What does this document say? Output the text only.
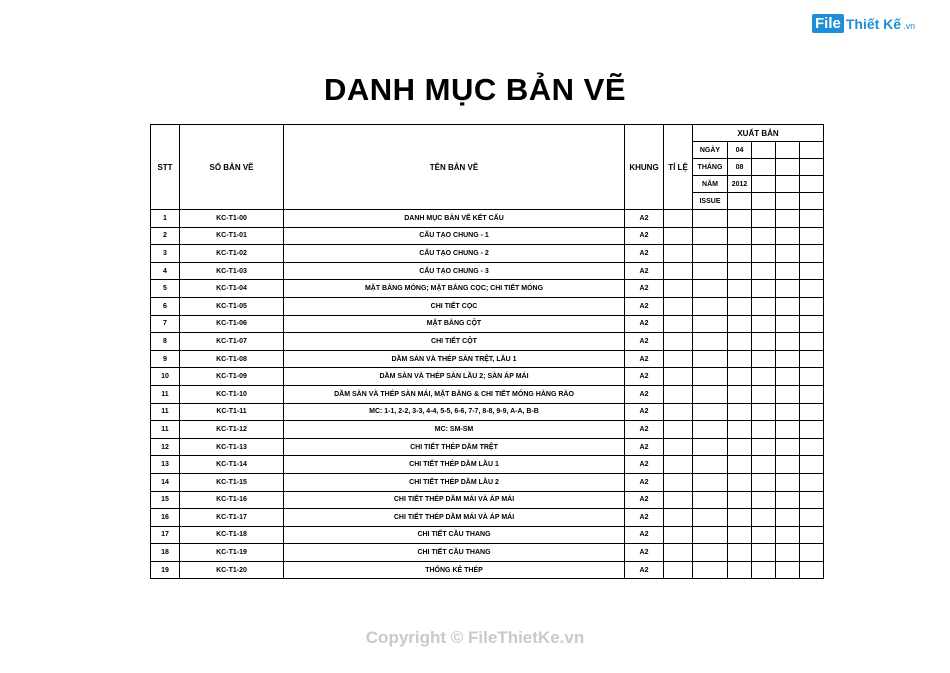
File Thiết Kế .vn
DANH MỤC BẢN VẼ
STT	SỐ BẢN VẼ	TÊN BẢN VẼ	KHUNG	TỈ LỆ	XUẤT BẢN				
					NGÀY	04			
					THÁNG	08			
					NĂM	2012			
					ISSUE				
1	KC-T1-00	DANH MỤC BẢN VẼ KẾT CẤU	A2						
2	KC-T1-01	CẤU TẠO CHUNG - 1	A2						
3	KC-T1-02	CẤU TẠO CHUNG - 2	A2						
4	KC-T1-03	CẤU TẠO CHUNG - 3	A2						
5	KC-T1-04	MẶT BẰNG MÓNG; MẶT BẰNG CỌC; CHI TIẾT MÓNG	A2						
6	KC-T1-05	CHI TIẾT CỌC	A2						
7	KC-T1-06	MẶT BẰNG CỘT	A2						
8	KC-T1-07	CHI TIẾT CỘT	A2						
9	KC-T1-08	DẦM SÀN VÀ THÉP SÀN TRỆT, LẦU 1	A2						
10	KC-T1-09	DẦM SÀN VÀ THÉP SÀN LẦU 2; SÀN ÁP MÁI	A2						
11	KC-T1-10	DẦM SÀN VÀ THÉP SÀN MÁI, MẶT BẰNG & CHI TIẾT MÓNG HÀNG RÀO	A2						
11	KC-T1-11	MC: 1-1, 2-2, 3-3, 4-4, 5-5, 6-6, 7-7, 8-8, 9-9, A-A, B-B	A2						
11	KC-T1-12	MC: SM-SM	A2						
12	KC-T1-13	CHI TIẾT THÉP DẦM TRỆT	A2						
13	KC-T1-14	CHI TIẾT THÉP DẦM LẦU 1	A2						
14	KC-T1-15	CHI TIẾT THÉP DẦM LẦU 2	A2						
15	KC-T1-16	CHI TIẾT THÉP DẦM MÁI VÀ ÁP MÁI	A2						
16	KC-T1-17	CHI TIẾT THÉP DẦM MÁI VÀ ÁP MÁI	A2						
17	KC-T1-18	CHI TIẾT CẦU THANG	A2						
18	KC-T1-19	CHI TIẾT CẦU THANG	A2						
19	KC-T1-20	THỐNG KÊ THÉP	A2						
Copyright © FileThietKe.vn
